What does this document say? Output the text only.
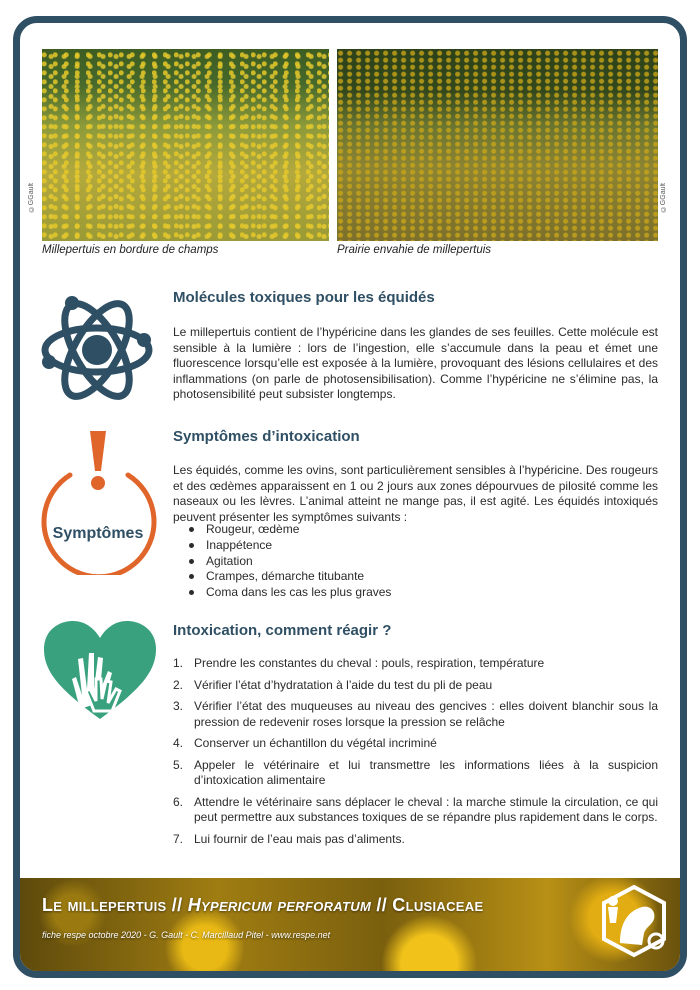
©GGault	©GGault
Millepertuis en bordure de champs	Prairie envahie de millepertuis
Molécules toxiques pour les équidés
Le millepertuis contient de l’hypéricine dans les glandes de ses feuilles. Cette molécule est sensible à la lumière : lors de l’ingestion, elle s’accumule dans la peau et émet une fluorescence lorsqu’elle est exposée à la lumière, provoquant des lésions cellulaires et des inflammations (on parle de photosensibilisation). Comme l’hypéricine ne s’élimine pas, la photosensibilité peut subsister longtemps.
Symptômes
Symptômes d’intoxication
Les équidés, comme les ovins, sont particulièrement sensibles à l’hypéricine. Des rougeurs et des œdèmes apparaissent en 1 ou 2 jours aux zones dépourvues de pilosité comme les naseaux ou les lèvres. L’animal atteint ne mange pas, il est agité. Les équidés intoxiqués peuvent présenter les symptômes suivants :
Rougeur, œdème
Inappétence
Agitation
Crampes, démarche titubante
Coma dans les cas les plus graves
Intoxication, comment réagir ?
1. Prendre les constantes du cheval : pouls, respiration, température
2. Vérifier l’état d’hydratation à l’aide du test du pli de peau
3. Vérifier l’état des muqueuses au niveau des gencives : elles doivent blanchir sous la pression de redevenir roses lorsque la pression se relâche
4. Conserver un échantillon du végétal incriminé
5. Appeler le vétérinaire et lui transmettre les informations liées à la suspicion d’intoxication alimentaire
6. Attendre le vétérinaire sans déplacer le cheval : la marche stimule la circulation, ce qui peut permettre aux substances toxiques de se répandre plus rapidement dans le corps.
7. Lui fournir de l’eau mais pas d’aliments.
Le millepertuis // Hypericum perforatum // Clusiaceae
fiche respe octobre 2020 - G. Gault - C. Marcillaud Pitel - www.respe.net
